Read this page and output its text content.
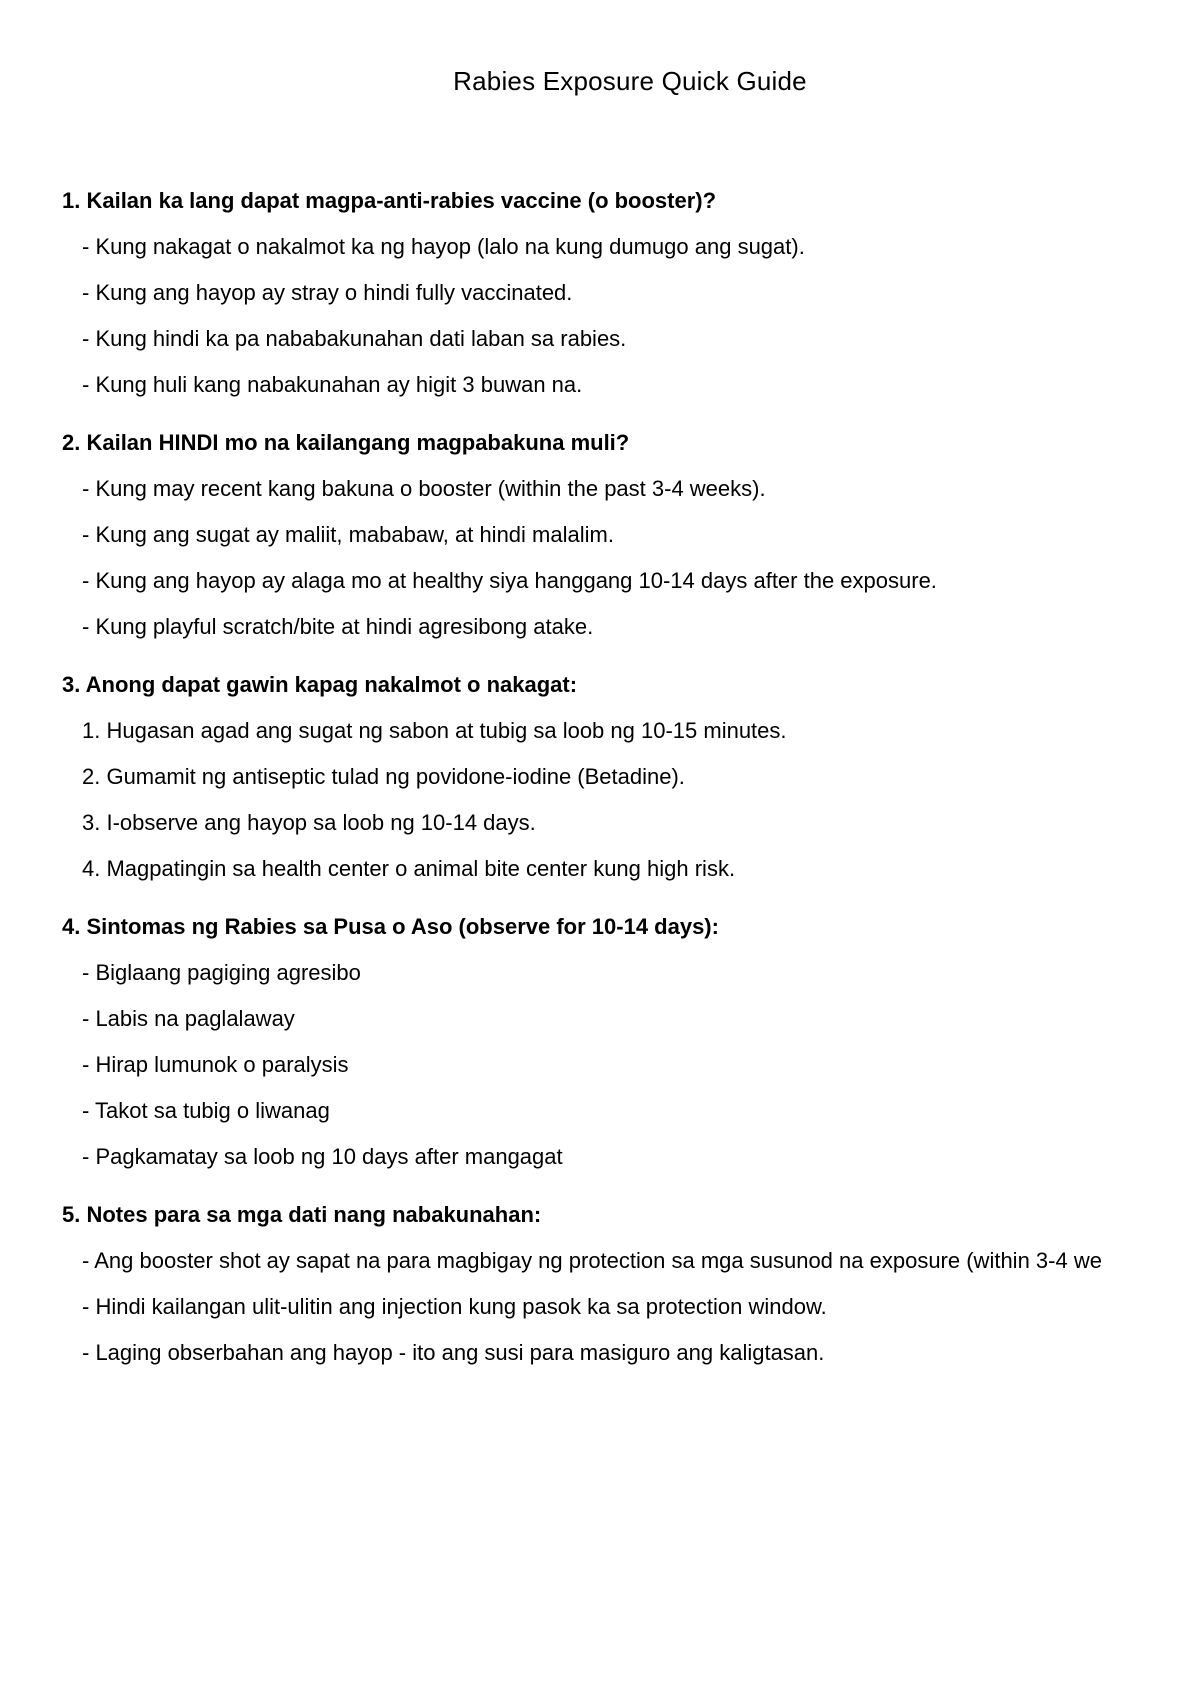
Rabies Exposure Quick Guide

1. Kailan ka lang dapat magpa-anti-rabies vaccine (o booster)?

- Kung nakagat o nakalmot ka ng hayop (lalo na kung dumugo ang sugat).

- Kung ang hayop ay stray o hindi fully vaccinated.

- Kung hindi ka pa nababakunahan dati laban sa rabies.

- Kung huli kang nabakunahan ay higit 3 buwan na.

2. Kailan HINDI mo na kailangang magpabakuna muli?

- Kung may recent kang bakuna o booster (within the past 3-4 weeks).

- Kung ang sugat ay maliit, mababaw, at hindi malalim.

- Kung ang hayop ay alaga mo at healthy siya hanggang 10-14 days after the exposure.

- Kung playful scratch/bite at hindi agresibong atake.

3. Anong dapat gawin kapag nakalmot o nakagat:

1. Hugasan agad ang sugat ng sabon at tubig sa loob ng 10-15 minutes.

2. Gumamit ng antiseptic tulad ng povidone-iodine (Betadine).

3. I-observe ang hayop sa loob ng 10-14 days.

4. Magpatingin sa health center o animal bite center kung high risk.

4. Sintomas ng Rabies sa Pusa o Aso (observe for 10-14 days):

- Biglaang pagiging agresibo

- Labis na paglalaway

- Hirap lumunok o paralysis

- Takot sa tubig o liwanag

- Pagkamatay sa loob ng 10 days after mangagat

5. Notes para sa mga dati nang nabakunahan:

- Ang booster shot ay sapat na para magbigay ng protection sa mga susunod na exposure (within 3-4 we

- Hindi kailangan ulit-ulitin ang injection kung pasok ka sa protection window.

- Laging obserbahan ang hayop - ito ang susi para masiguro ang kaligtasan.
